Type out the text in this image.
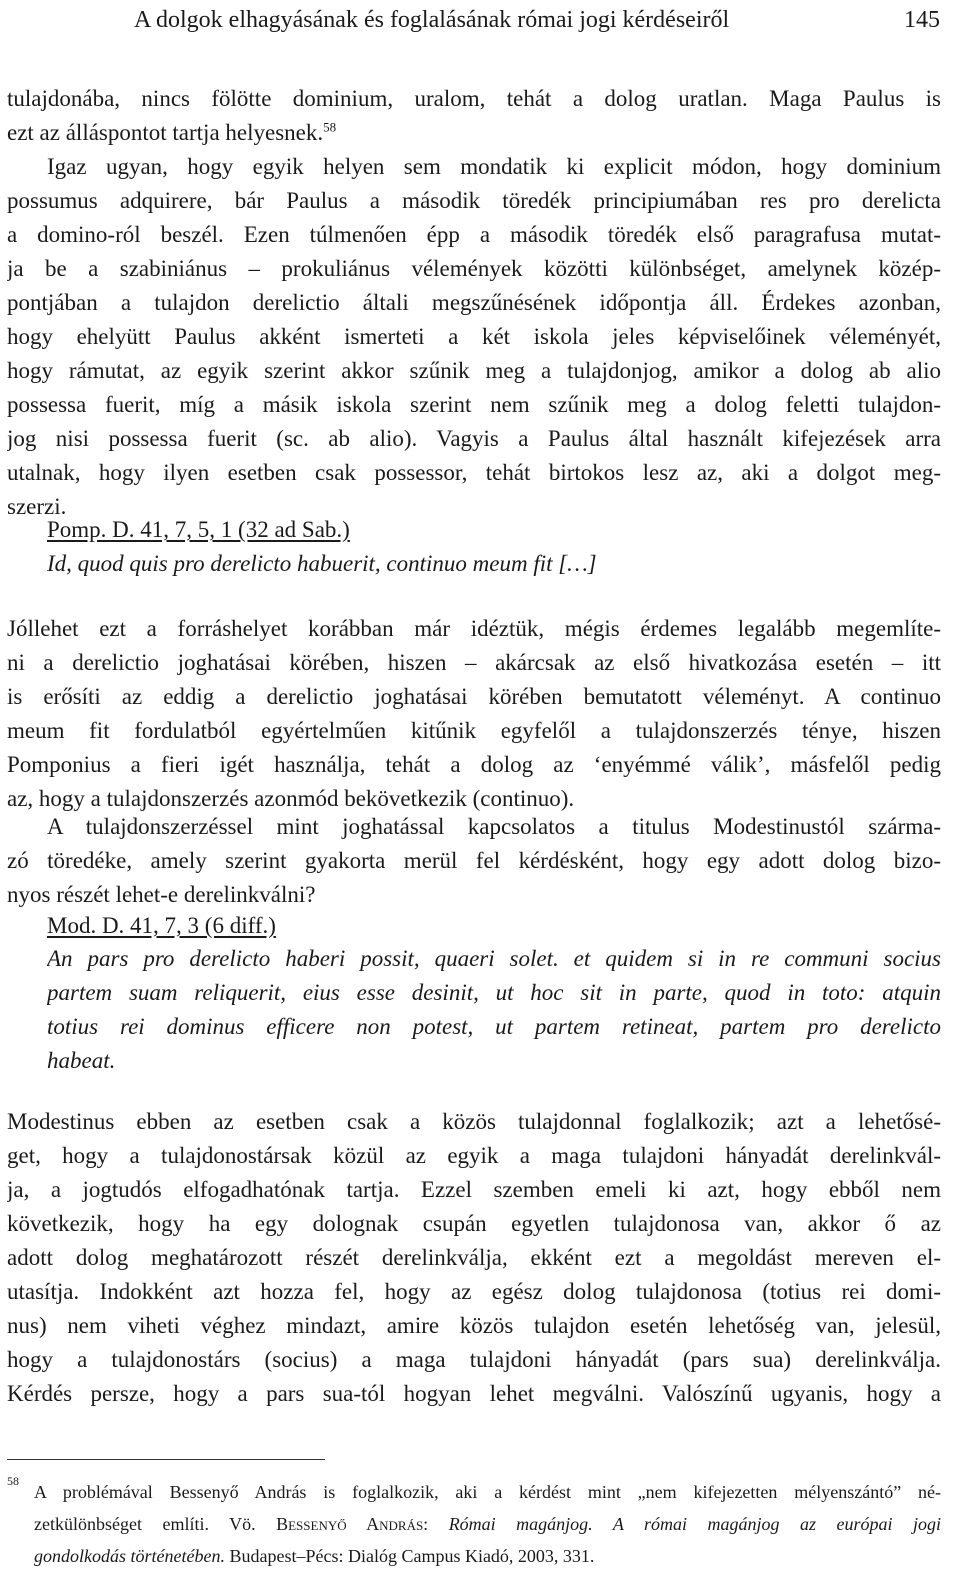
A dolgok elhagyásának és foglalásának római jogi kérdéseiről	145
tulajdonába, nincs fölötte dominium, uralom, tehát a dolog uratlan. Maga Paulus is
ezt az álláspontot tartja helyesnek.$^{58}$
Igaz ugyan, hogy egyik helyen sem mondatik ki explicit módon, hogy dominium
possumus adquirere, bár Paulus a második töredék principiumában res pro derelicta
a domino-ról beszél. Ezen túlmenően épp a második töredék első paragrafusa mutat-
ja be a szabiniánus – prokuliánus vélemények közötti különbséget, amelynek közép-
pontjában a tulajdon derelictio általi megszűnésének időpontja áll. Érdekes azonban,
hogy ehelyütt Paulus akként ismerteti a két iskola jeles képviselőinek véleményét,
hogy rámutat, az egyik szerint akkor szűnik meg a tulajdonjog, amikor a dolog ab alio
possessa fuerit, míg a másik iskola szerint nem szűnik meg a dolog feletti tulajdon-
jog nisi possessa fuerit (sc. ab alio). Vagyis a Paulus által használt kifejezések arra
utalnak, hogy ilyen esetben csak possessor, tehát birtokos lesz az, aki a dolgot meg-
szerzi.
Pomp. D. 41, 7, 5, 1 (32 ad Sab.)
Id, quod quis pro derelicto habuerit, continuo meum fit […]
Jóllehet ezt a forráshelyet korábban már idéztük, mégis érdemes legalább megemlíte-
ni a derelictio joghatásai körében, hiszen – akárcsak az első hivatkozása esetén – itt
is erősíti az eddig a derelictio joghatásai körében bemutatott véleményt. A continuo
meum fit fordulatból egyértelműen kitűnik egyfelől a tulajdonszerzés ténye, hiszen
Pomponius a fieri igét használja, tehát a dolog az ‘enyémmé válik’, másfelől pedig
az, hogy a tulajdonszerzés azonmód bekövetkezik (continuo).
A tulajdonszerzéssel mint joghatással kapcsolatos a titulus Modestinustól szárma-
zó töredéke, amely szerint gyakorta merül fel kérdésként, hogy egy adott dolog bizo-
nyos részét lehet-e derelinkválni?
Mod. D. 41, 7, 3 (6 diff.)
An pars pro derelicto haberi possit, quaeri solet. et quidem si in re communi socius
partem suam reliquerit, eius esse desinit, ut hoc sit in parte, quod in toto: atquin
totius rei dominus efficere non potest, ut partem retineat, partem pro derelicto
habeat.
Modestinus ebben az esetben csak a közös tulajdonnal foglalkozik; azt a lehetősé-
get, hogy a tulajdonostársak közül az egyik a maga tulajdoni hányadát derelinkvál-
ja, a jogtudós elfogadhatónak tartja. Ezzel szemben emeli ki azt, hogy ebből nem
következik, hogy ha egy dolognak csupán egyetlen tulajdonosa van, akkor ő az
adott dolog meghatározott részét derelinkválja, ekként ezt a megoldást mereven el-
utasítja. Indokként azt hozza fel, hogy az egész dolog tulajdonosa (totius rei domi-
nus) nem viheti véghez mindazt, amire közös tulajdon esetén lehetőség van, jelesül,
hogy a tulajdonostárs (socius) a maga tulajdoni hányadát (pars sua) derelinkválja.
Kérdés persze, hogy a pars sua-tól hogyan lehet megválni. Valószínű ugyanis, hogy a
58
A problémával Bessenyő András is foglalkozik, aki a kérdést mint „nem kifejezetten mélyenszántó” né-
zetkülönbséget említi. Vö. Bessenyő András: Római magánjog. A római magánjog az európai jogi
gondolkodás történetében. Budapest–Pécs: Dialóg Campus Kiadó, 2003, 331.
